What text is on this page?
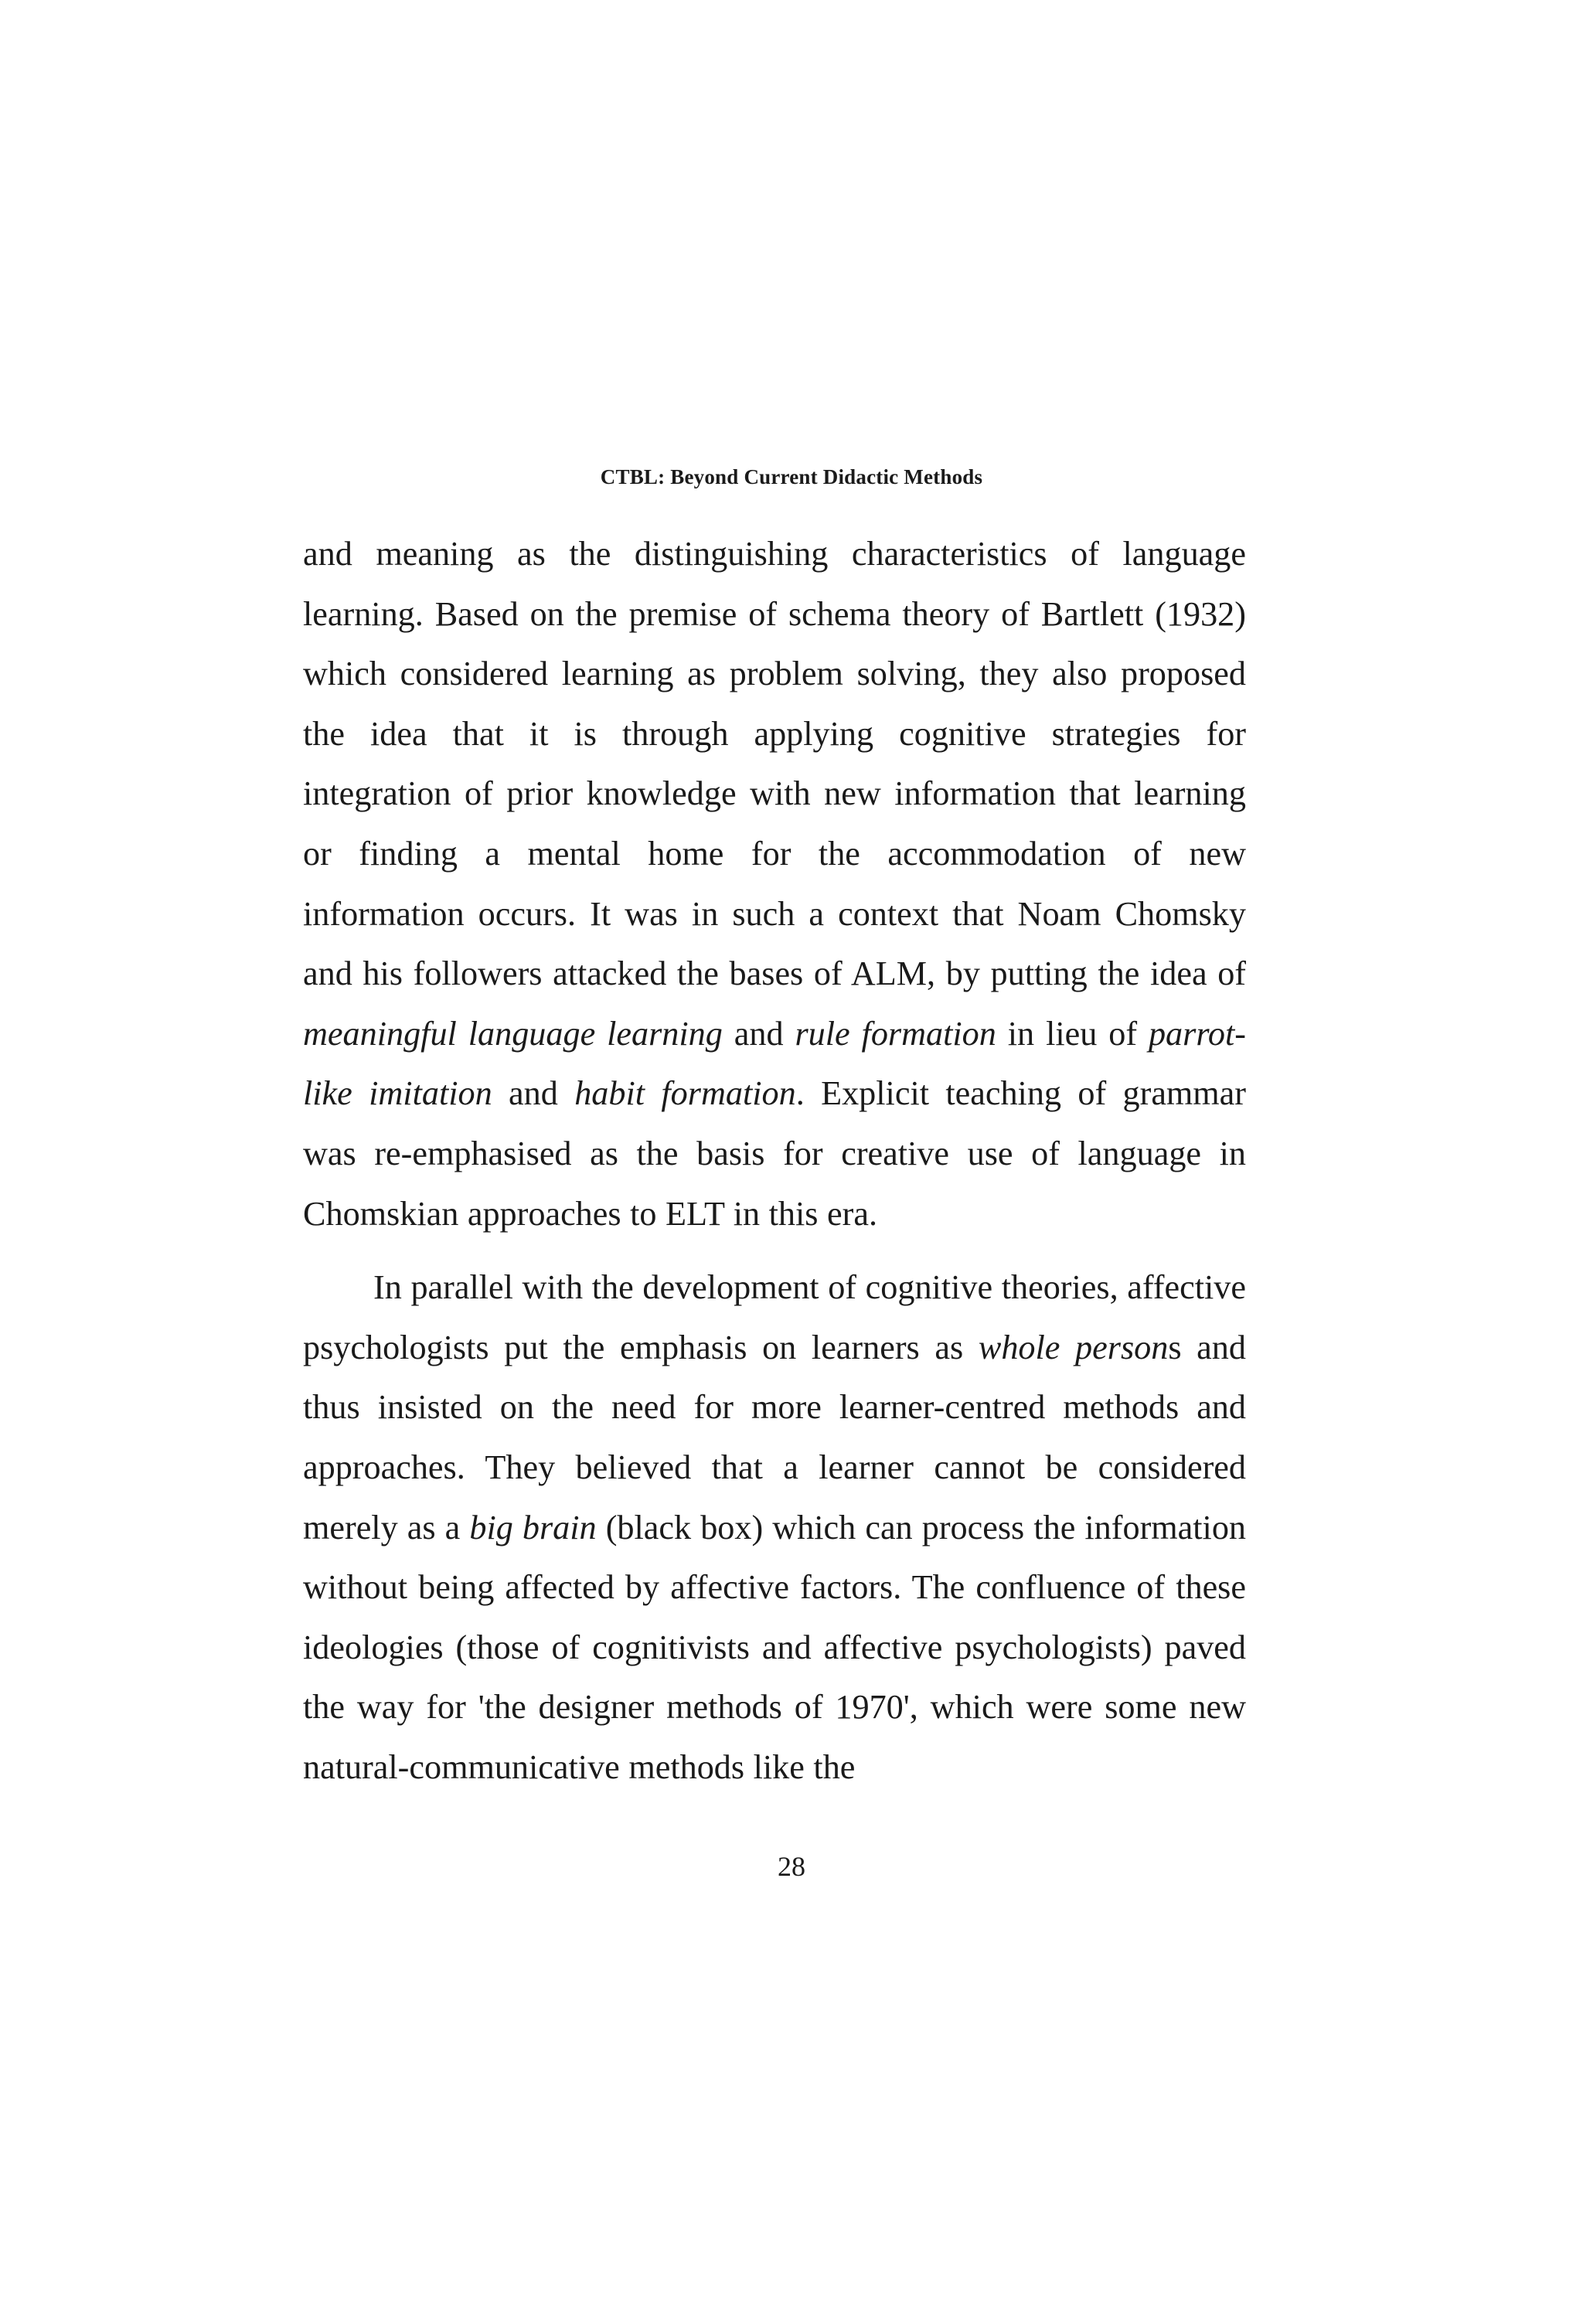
CTBL: Beyond Current Didactic Methods

and meaning as the distinguishing characteristics of language learning. Based on the premise of schema theory of Bartlett (1932) which considered learning as problem solving, they also proposed the idea that it is through applying cognitive strategies for integration of prior knowledge with new information that learning or finding a mental home for the accommodation of new information occurs. It was in such a context that Noam Chomsky and his followers attacked the bases of ALM, by putting the idea of meaningful language learning and rule formation in lieu of parrot-like imitation and habit formation. Explicit teaching of grammar was re-emphasised as the basis for creative use of language in Chomskian approaches to ELT in this era.

In parallel with the development of cognitive theories, affective psychologists put the emphasis on learners as whole persons and thus insisted on the need for more learner-centred methods and approaches. They believed that a learner cannot be considered merely as a big brain (black box) which can process the information without being affected by affective factors. The confluence of these ideologies (those of cognitivists and affective psychologists) paved the way for 'the designer methods of 1970', which were some new natural-communicative methods like the

28
